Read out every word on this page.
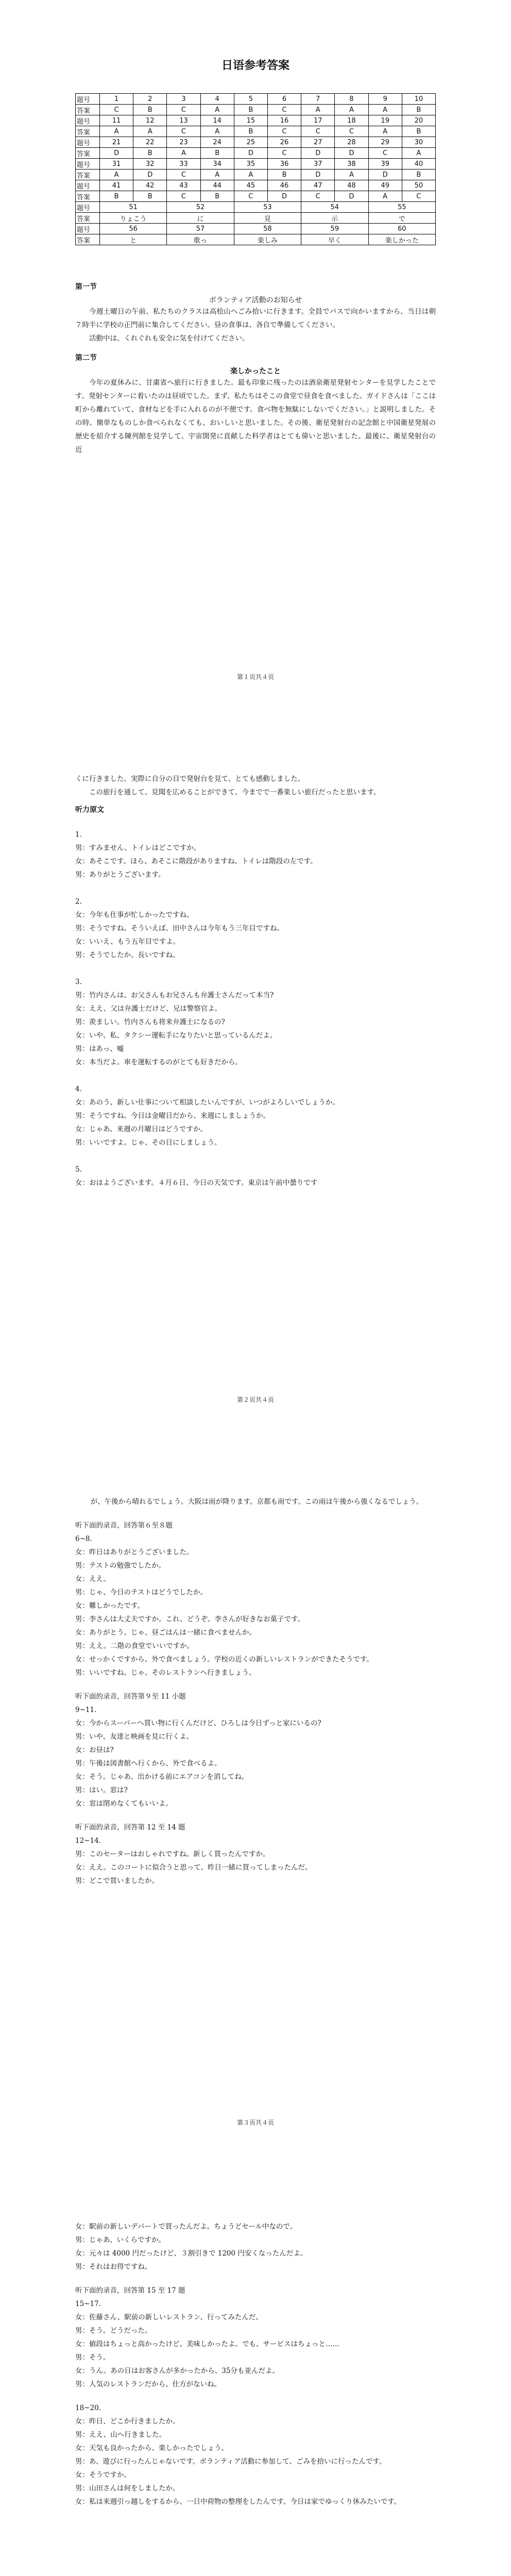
日语参考答案
题号	1	2	3	4	5	6	7	8	9	10
答案	C	B	C	A	B	C	A	A	A	B
题号	11	12	13	14	15	16	17	18	19	20
答案	A	A	C	A	B	C	C	C	A	B
题号	21	22	23	24	25	26	27	28	29	30
答案	D	B	A	B	D	C	D	D	C	A
题号	31	32	33	34	35	36	37	38	39	40
答案	A	D	C	A	A	B	D	A	D	B
题号	41	42	43	44	45	46	47	48	49	50
答案	B	B	C	B	C	D	C	D	A	C
题号	51	52	53	54	55
答案	りょこう	に	見	示	で
题号	56	57	58	59	60
答案	と	歌っ	楽しみ	早く	楽しかった

第一节

ボランティア活動のお知らせ

今週土曜日の午前、私たちのクラスは高桧山へごみ拾いに行きます。全員でバスで向かいますから、当日は朝７時半に学校の正門前に集合してください。昼の食事は、各自で準備してください。

活動中は、くれぐれも安全に気を付けてください。

第二节

楽しかったこと

今年の夏休みに、甘粛省へ旅行に行きました。最も印象に残ったのは酒泉衛星発射センターを見学したことです。発射センターに着いたのは昼頃でした。まず、私たちはそこの食堂で昼食を食べました。ガイドさんは「ここは町から離れていて、食材などを手に入れるのが不便です。食べ物を無駄にしないでください。」と説明しました。その時、簡単なものしか食べられなくても、おいしいと思いました。その後、衛星発射台の記念館と中国衛星発展の歴史を紹介する陳列館を見学して、宇宙開発に貢献した科学者はとても偉いと思いました。最後に、衛星発射台の近

第１页共４页

くに行きました。実際に自分の目で発射台を見て、とても感動しました。

この旅行を通して、見聞を広めることができて、今までで一番楽しい旅行だったと思います。

听力原文

1.

男：すみません、トイレはどこですか。

女：あそこです。ほら、あそこに階段がありますね。トイレは階段の左です。

男：ありがとうございます。

2.

女：今年も仕事が忙しかったですね。

男：そうですね。そういえば、田中さんは今年もう三年目ですね。

女：いいえ、もう五年目ですよ。

男：そうでしたか。長いですね。

3.

男：竹内さんは、お父さんもお兄さんも弁護士さんだって本当?

女：ええ、父は弁護士だけど、兄は警察官よ。

男：羨ましい。竹内さんも将来弁護士になるの?

女：いや、私、タクシー運転手になりたいと思っているんだよ。

男：はあっ、嘘

女：本当だよ。車を運転するのがとても好きだから。

4.

女：あのう、新しい仕事について相談したいんですが、いつがよろしいでしょうか。

男：そうですね。今日は金曜日だから、来週にしましょうか。

女：じゃあ、来週の月曜日はどうですか。

男：いいですよ。じゃ、その日にしましょう。

5.

女：おはようございます。４月６日、今日の天気です。東京は午前中曇りです

第２页共４页

が、午後から晴れるでしょう。大阪は雨が降ります。京都も雨です。この雨は午後から強くなるでしょう。

听下面的录音，回答第６至８题

6~8.

女：昨日はありがとうございました。

男：テストの勉強でしたか。

女：ええ。

男：じゃ、今日のテストはどうでしたか。

女：難しかったです。

男：李さんは大丈夫ですか。これ、どうぞ。李さんが好きなお菓子です。

女：ありがとう。じゃ、昼ごはんは一緒に食べませんか。

男：ええ。二階の食堂でいいですか。

女：せっかくですから、外で食べましょう。学校の近くの新しいレストランができたそうです。

男：いいですね。じゃ、そのレストランへ行きましょう。

听下面的录音，回答第９至 11 小题

9~11.

女：今からスーパーへ買い物に行くんだけど、ひろしは今日ずっと家にいるの?

男：いや、友達と映画を見に行くよ。

女：お昼は?

男：午後は図書館へ行くから、外で食べるよ。

女：そう。じゃあ、出かける前にエアコンを消してね。

男：はい。窓は?

女：窓は閉めなくてもいいよ。

听下面的录音，回答第 12 至 14 题

12~14.

男：このセーターはおしゃれですね。新しく買ったんですか。

女：ええ。このコートに似合うと思って、昨日一緒に買ってしまったんだ。

男：どこで買いましたか。

第３页共４页

女：駅前の新しいデパートで買ったんだよ。ちょうどセール中なので。

男：じゃあ、いくらですか。

女：元々は 4000 円だったけど、３割引きで 1200 円安くなったんだよ。

男：それはお得ですね。

听下面的录音，回答第 15 至 17 题

15~17.

女：佐藤さん、駅前の新しいレストラン、行ってみたんだ。

男：そう。どうだった。

女：値段はちょっと高かったけど、美味しかったよ。でも、サービスはちょっと……

男：そう。

女：うん。あの日はお客さんが多かったから、35分も並んだよ。

男：人気のレストランだから、仕方がないね。

18~20.

女：昨日、どこか行きましたか。

男：ええ、山へ行きました。

女：天気も良かったから、楽しかったでしょう。

男：あ、遊びに行ったんじゃないです。ボランティア活動に参加して、ごみを拾いに行ったんです。

女：そうですか。

男：山田さんは何をしましたか。

女：私は来週引っ越しをするから、一日中荷物の整理をしたんです。今日は家でゆっくり休みたいです。
